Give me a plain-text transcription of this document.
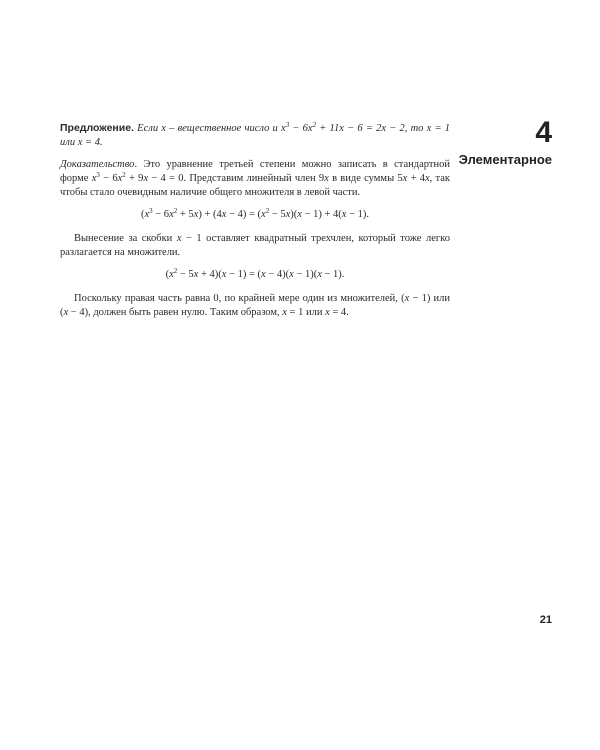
Предложение. Если x – вещественное число и $x^3 - 6x^2 + 11x - 6 = 2x - 2$, то x = 1 или x = 4.

Доказательство. Это уравнение третьей степени можно записать в стандартной форме $x^3 - 6x^2 + 9x - 4 = 0$. Представим линейный член 9x в виде суммы 5x + 4x, так чтобы стало очевидным наличие общего множителя в левой части.

$(x^3 - 6x^2 + 5x) + (4x - 4) = (x^2 - 5x)(x - 1) + 4(x - 1)$.

Вынесение за скобки x − 1 оставляет квадратный трехчлен, который тоже легко разлагается на множители.

$(x^2 - 5x + 4)(x - 1) = (x - 4)(x - 1)(x - 1)$.

Поскольку правая часть равна 0, по крайней мере один из множителей, (x − 1) или (x − 4), должен быть равен нулю. Таким образом, x = 1 или x = 4.

4
Элементарное
21
